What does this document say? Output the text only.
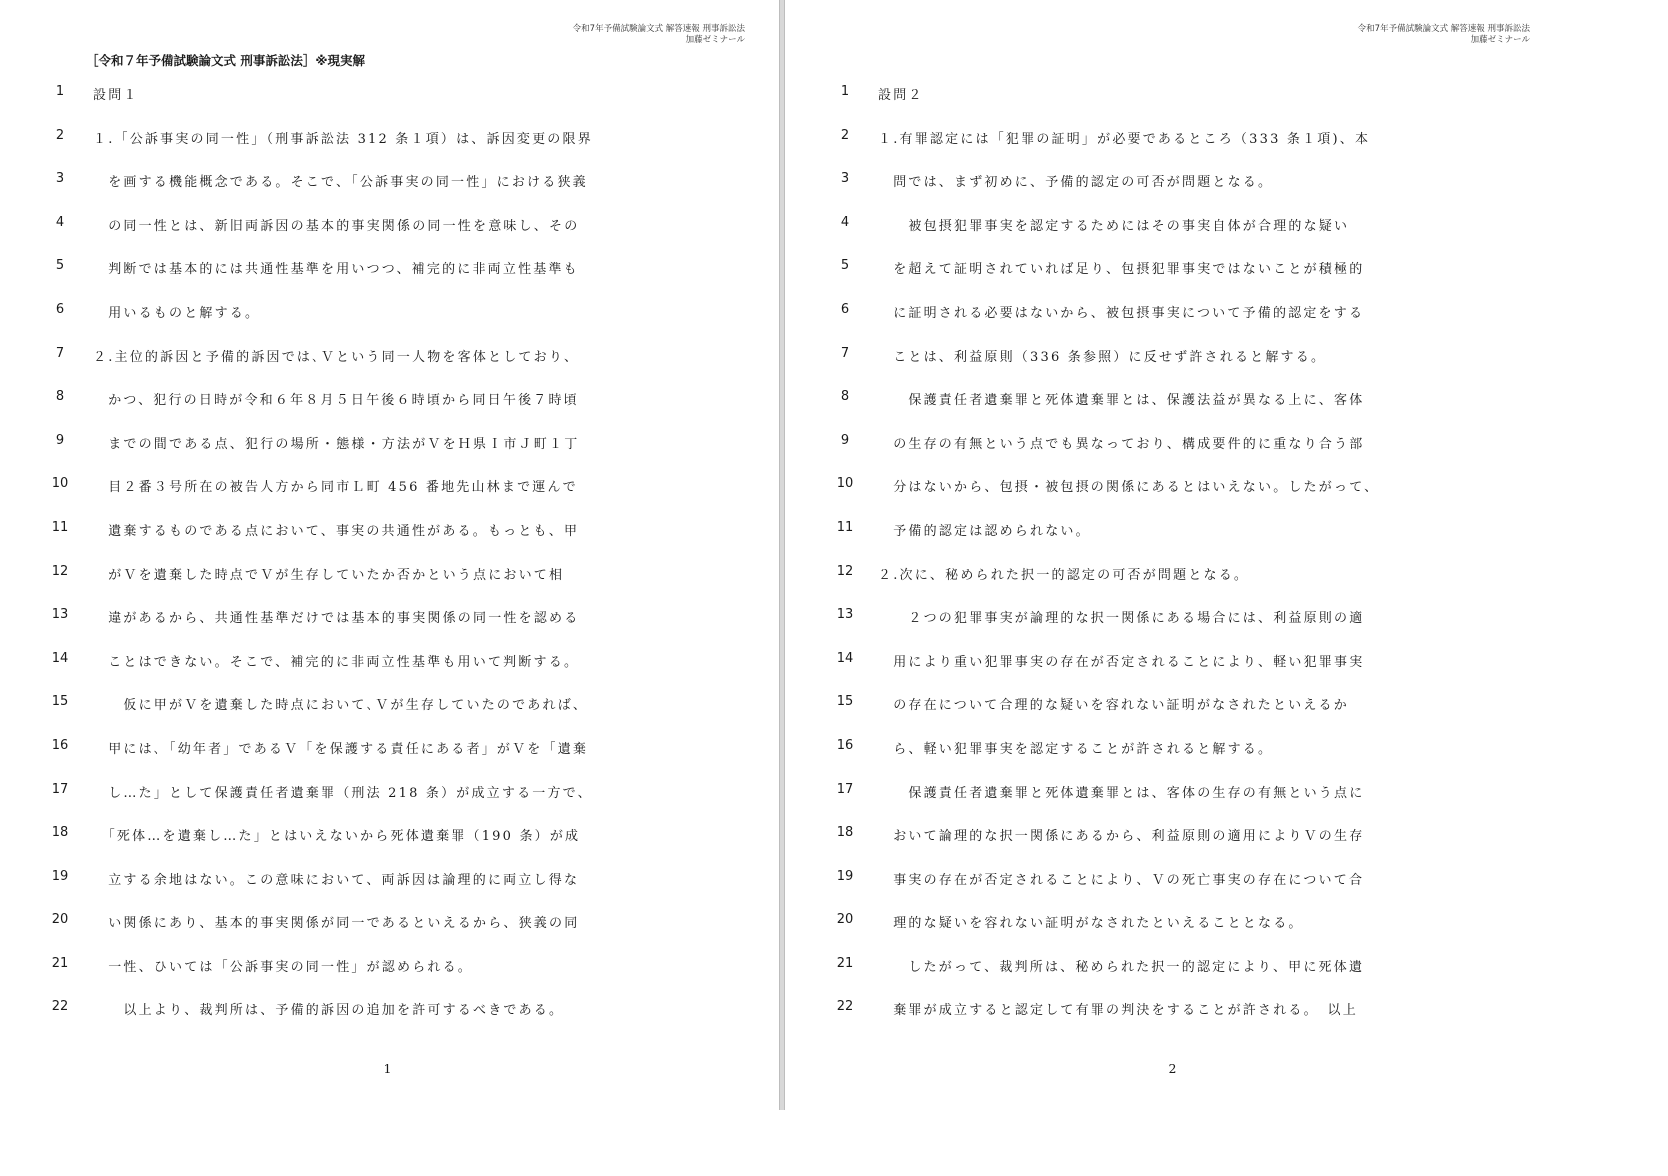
令和7年予備試験論文式 解答速報 刑事訴訟法
加藤ゼミナール
［令和７年予備試験論文式 刑事訴訟法］※現実解
1	設問１
2	１.「公訴事実の同一性」（刑事訴訟法 312 条１項）は、訴因変更の限界
3	　を画する機能概念である。そこで、「公訴事実の同一性」における狭義
4	　の同一性とは、新旧両訴因の基本的事実関係の同一性を意味し、その
5	　判断では基本的には共通性基準を用いつつ、補完的に非両立性基準も
6	　用いるものと解する。
7	２.主位的訴因と予備的訴因では､Ｖという同一人物を客体としており、
8	　かつ、犯行の日時が令和６年８月５日午後６時頃から同日午後７時頃
9	　までの間である点、犯行の場所・態様・方法がＶをＨ県Ｉ市Ｊ町１丁
10	　目２番３号所在の被告人方から同市Ｌ町 456 番地先山林まで運んで
11	　遺棄するものである点において、事実の共通性がある。もっとも、甲
12	　がＶを遺棄した時点でＶが生存していたか否かという点において相
13	　違があるから、共通性基準だけでは基本的事実関係の同一性を認める
14	　ことはできない。そこで、補完的に非両立性基準も用いて判断する。
15	　　仮に甲がＶを遺棄した時点において､Ｖが生存していたのであれば、
16	　甲には､「幼年者」であるＶ「を保護する責任にある者」がＶを「遺棄
17	　し…た」として保護責任者遺棄罪（刑法 218 条）が成立する一方で、
18	　「死体…を遺棄し…た」とはいえないから死体遺棄罪（190 条）が成
19	　立する余地はない。この意味において、両訴因は論理的に両立し得な
20	　い関係にあり、基本的事実関係が同一であるといえるから、狭義の同
21	　一性、ひいては「公訴事実の同一性」が認められる。
22	　　以上より、裁判所は、予備的訴因の追加を許可するべきである。
1
令和7年予備試験論文式 解答速報 刑事訴訟法
加藤ゼミナール
1	設問２
2	１.有罪認定には「犯罪の証明」が必要であるところ（333 条１項)、本
3	　問では、まず初めに、予備的認定の可否が問題となる。
4	　　被包摂犯罪事実を認定するためにはその事実自体が合理的な疑い
5	　を超えて証明されていれば足り、包摂犯罪事実ではないことが積極的
6	　に証明される必要はないから、被包摂事実について予備的認定をする
7	　ことは、利益原則（336 条参照）に反せず許されると解する。
8	　　保護責任者遺棄罪と死体遺棄罪とは、保護法益が異なる上に、客体
9	　の生存の有無という点でも異なっており、構成要件的に重なり合う部
10	　分はないから、包摂・被包摂の関係にあるとはいえない。したがって、
11	　予備的認定は認められない。
12	２.次に、秘められた択一的認定の可否が問題となる。
13	　　２つの犯罪事実が論理的な択一関係にある場合には、利益原則の適
14	　用により重い犯罪事実の存在が否定されることにより、軽い犯罪事実
15	　の存在について合理的な疑いを容れない証明がなされたといえるか
16	　ら、軽い犯罪事実を認定することが許されると解する。
17	　　保護責任者遺棄罪と死体遺棄罪とは、客体の生存の有無という点に
18	　おいて論理的な択一関係にあるから、利益原則の適用によりＶの生存
19	　事実の存在が否定されることにより、Ｖの死亡事実の存在について合
20	　理的な疑いを容れない証明がなされたといえることとなる。
21	　　したがって、裁判所は、秘められた択一的認定により、甲に死体遺
22	　棄罪が成立すると認定して有罪の判決をすることが許される。　以上
2
